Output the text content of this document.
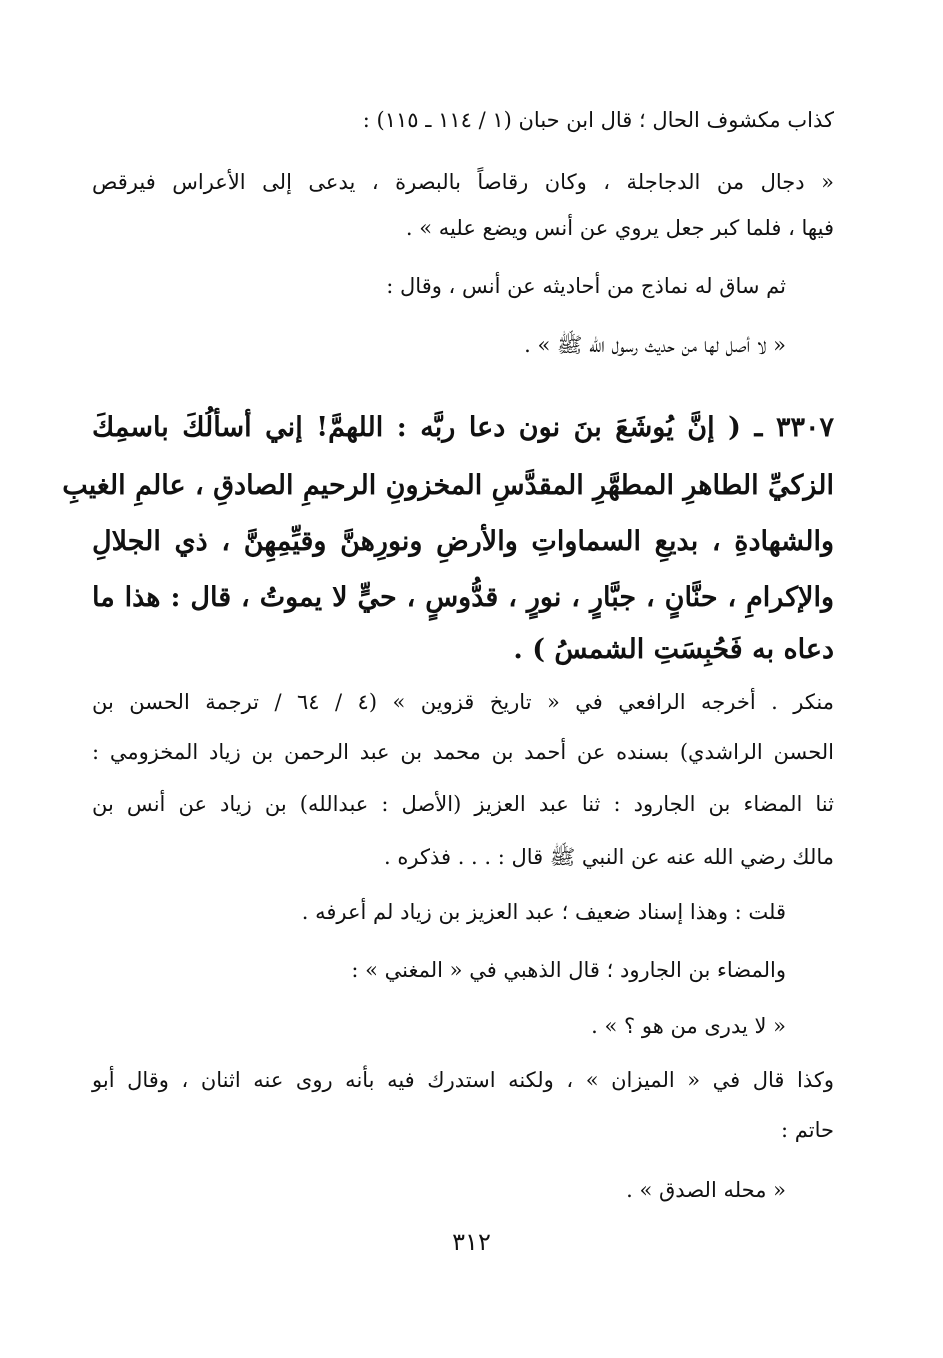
كذاب مكشوف الحال ؛ قال ابن حبان (١ / ١١٤ ـ ١١٥) :
« دجال من الدجاجلة ، وكان رقاصاً بالبصرة ، يدعى إلى الأعراس فيرقص
فيها ، فلما كبر جعل يروي عن أنس ويضع عليه » .
ثم ساق له نماذج من أحاديثه عن أنس ، وقال :
« لا أصل لها من حديث رسول الله ﷺ » .
٣٣٠٧ ـ ( إنَّ يُوشَعَ بنَ نون دعا ربَّه : اللهمَّ! إني أسألُكَ باسمِكَ
الزكيِّ الطاهرِ المطهَّرِ المقدَّسِ المخزونِ الرحيمِ الصادقِ ، عالمِ الغيبِ
والشهادةِ ، بديعِ السماواتِ والأرضِ ونورِهنَّ وقيِّمِهِنَّ ، ذي الجلالِ
والإكرامِ ، حنَّانٍ ، جبَّارٍ ، نورٍ ، قدُّوسٍ ، حيٍّ لا يموتُ ، قال : هذا ما
دعاه به فَحُبِسَتِ الشمسُ ) .
منكر . أخرجه الرافعي في « تاريخ قزوين » (٤ / ٦٤ / ترجمة الحسن بن
الحسن الراشدي) بسنده عن أحمد بن محمد بن عبد الرحمن بن زياد المخزومي :
ثنا المضاء بن الجارود : ثنا عبد العزيز (الأصل : عبدالله) بن زياد عن أنس بن
مالك رضي الله عنه عن النبي ﷺ قال : . . . فذكره .
قلت : وهذا إسناد ضعيف ؛ عبد العزيز بن زياد لم أعرفه .
والمضاء بن الجارود ؛ قال الذهبي في « المغني » :
« لا يدرى من هو ؟ » .
وكذا قال في « الميزان » ، ولكنه استدرك فيه بأنه روى عنه اثنان ، وقال أبو
حاتم :
« محله الصدق » .
٣١٢
